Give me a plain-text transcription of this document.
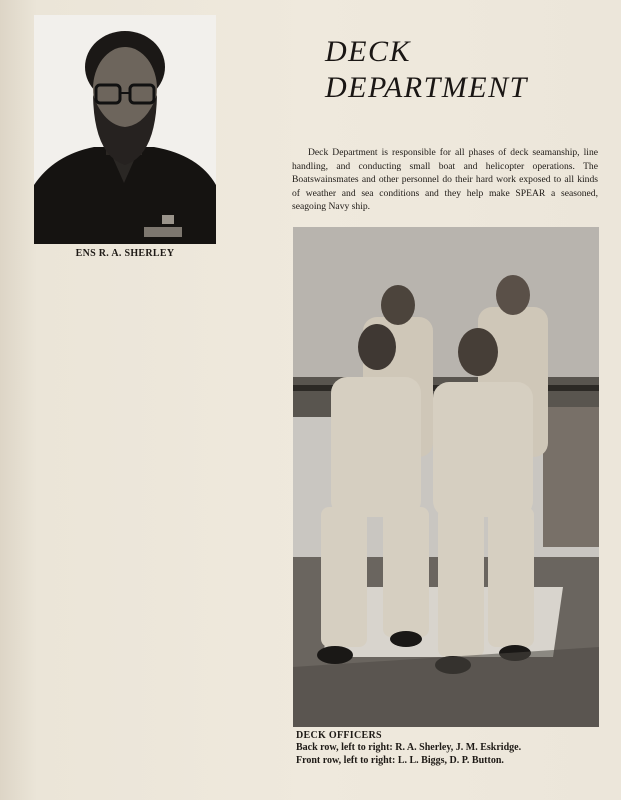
ENS R. A. SHERLEY
DECK
DEPARTMENT
Deck Department is responsible for all phases of deck seamanship, line handling, and conducting small boat and helicopter operations. The Boatswainsmates and other personnel do their hard work exposed to all kinds of weather and sea conditions and they help make SPEAR a seasoned, seagoing Navy ship.
DECK OFFICERS
Back row, left to right: R. A. Sherley, J. M. Eskridge.
Front row, left to right: L. L. Biggs, D. P. Button.
